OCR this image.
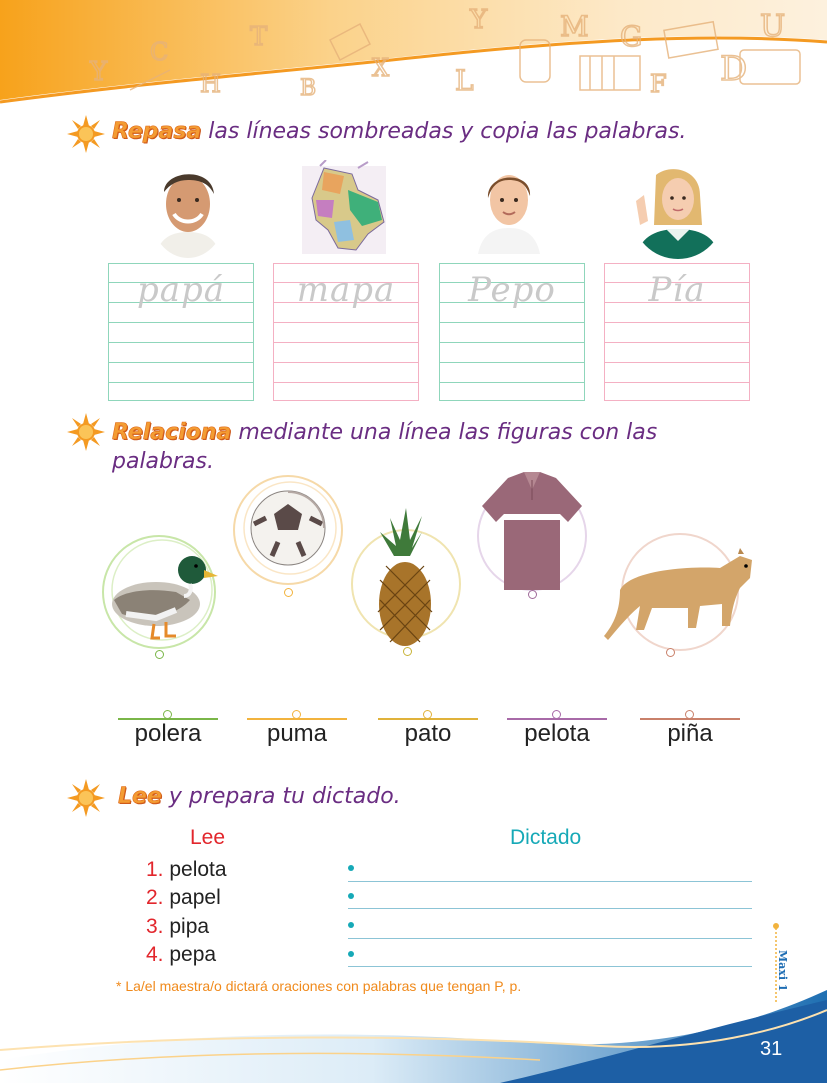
Y
C
H
T
B
X L
Y	M G
F D
U
Repasa las líneas sombreadas y copia las palabras.
papá	mapa	Pepo	Pía
Relaciona mediante una línea las figuras con las
palabras.
polera	puma	pato	pelota	piña
Lee y prepara tu dictado.
Lee	Dictado
1. pelota
2. papel
3. pipa
4. pepa
* La/el maestra/o dictará oraciones con palabras que tengan P, p.	Maxi 1
31
